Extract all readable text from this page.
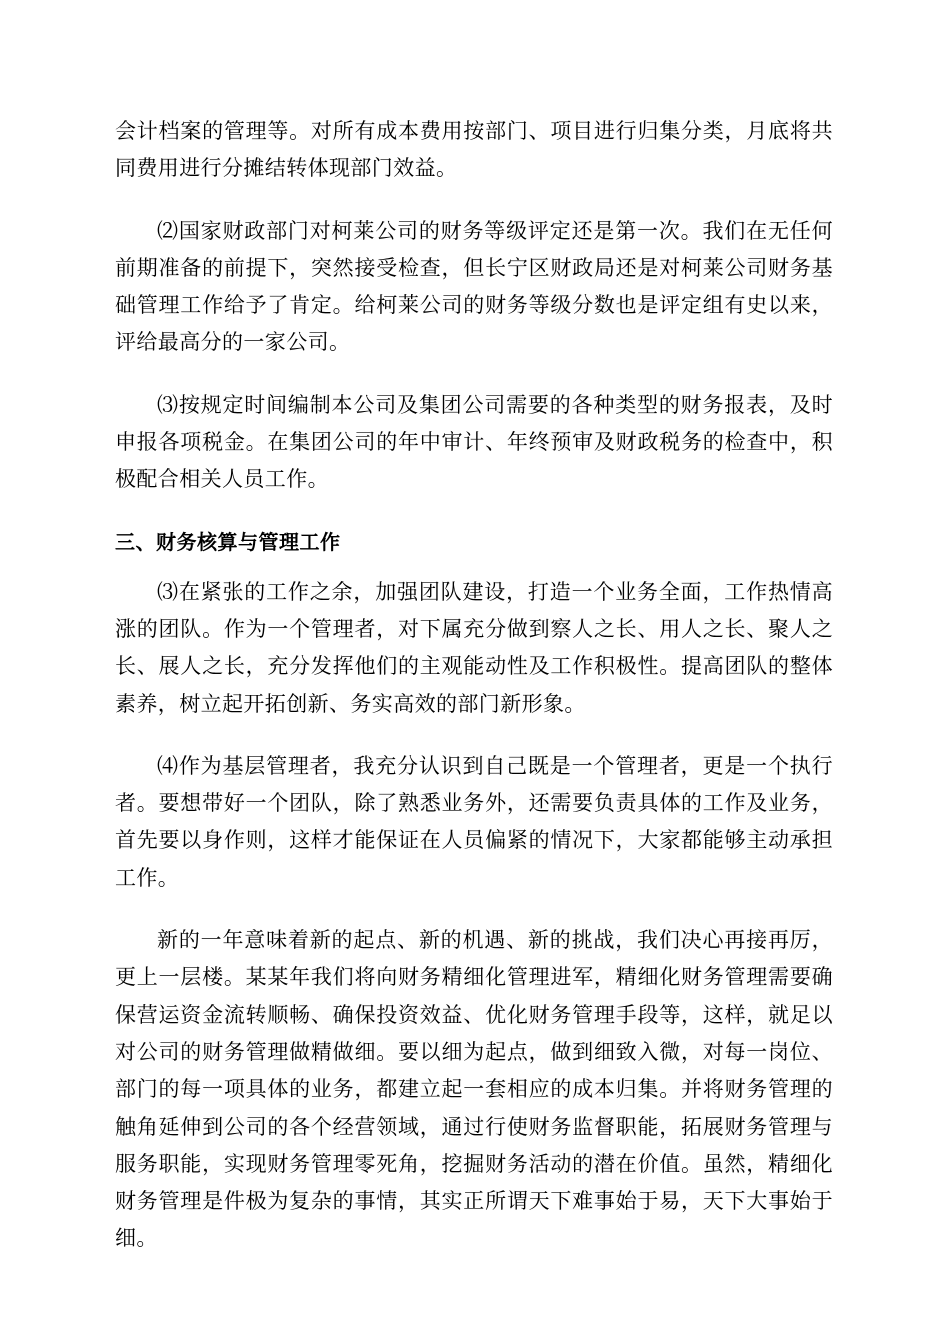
会计档案的管理等。对所有成本费用按部门、项目进行归集分类，月底将共同费用进行分摊结转体现部门效益。

⑵国家财政部门对柯莱公司的财务等级评定还是第一次。我们在无任何前期准备的前提下，突然接受检查，但长宁区财政局还是对柯莱公司财务基础管理工作给予了肯定。给柯莱公司的财务等级分数也是评定组有史以来，评给最高分的一家公司。

⑶按规定时间编制本公司及集团公司需要的各种类型的财务报表，及时申报各项税金。在集团公司的年中审计、年终预审及财政税务的检查中，积极配合相关人员工作。

三、财务核算与管理工作

⑶在紧张的工作之余，加强团队建设，打造一个业务全面，工作热情高涨的团队。作为一个管理者，对下属充分做到察人之长、用人之长、聚人之长、展人之长，充分发挥他们的主观能动性及工作积极性。提高团队的整体素养，树立起开拓创新、务实高效的部门新形象。

⑷作为基层管理者，我充分认识到自己既是一个管理者，更是一个执行者。要想带好一个团队，除了熟悉业务外，还需要负责具体的工作及业务，首先要以身作则，这样才能保证在人员偏紧的情况下，大家都能够主动承担工作。

新的一年意味着新的起点、新的机遇、新的挑战，我们决心再接再厉，更上一层楼。某某年我们将向财务精细化管理进军，精细化财务管理需要确保营运资金流转顺畅、确保投资效益、优化财务管理手段等，这样，就足以对公司的财务管理做精做细。要以细为起点，做到细致入微，对每一岗位、部门的每一项具体的业务，都建立起一套相应的成本归集。并将财务管理的触角延伸到公司的各个经营领域，通过行使财务监督职能，拓展财务管理与服务职能，实现财务管理零死角，挖掘财务活动的潜在价值。虽然，精细化财务管理是件极为复杂的事情，其实正所谓天下难事始于易，天下大事始于细。
